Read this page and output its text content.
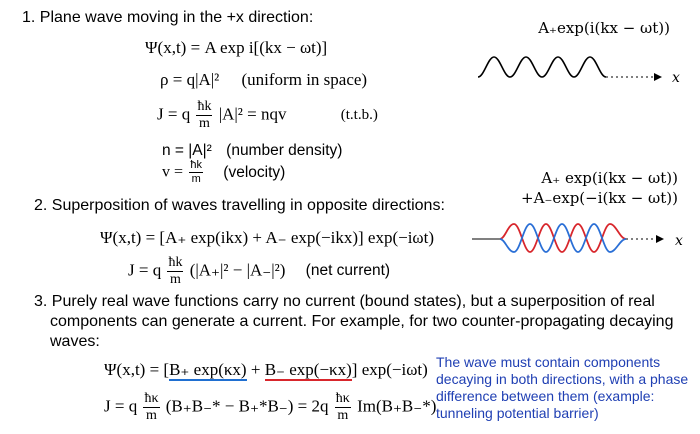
1. Plane wave moving in the +x direction:
Ψ(x,t) = A exp i[(kx − ωt)]
ρ = q|A|² (uniform in space)
J = q $\frac{ħk}{m} |A|^2$ = nqv	(t.t.b.)
n = |A|² (number density)
$v = \frac{ħk}{m}$ (velocity)
A₊exp(i(kx − ωt))
x
2. Superposition of waves travelling in opposite directions:
A₊ exp(i(kx − ωt))
+A₋exp(−i(kx − ωt))
Ψ(x,t) = [A₊ exp(ikx) + A₋ exp(−ikx)] exp(−iωt)	x
J = q $\frac{ħk}{m} (|A_+|^2 - |A_-|^2)$ (net current)
3. Purely real wave functions carry no current (bound states), but a superposition of real
components can generate a current. For example, for two counter-propagating decaying
waves:
Ψ(x,t) = [B₊ exp(κx) + B₋ exp(−κx)] exp(−iωt)
J = q $\frac{ħ\kappa}{m} (B_+B_-* - B_+*B_-) = 2q \frac{ħ\kappa}{m} Im(B_+B_-*)$
The wave must contain components decaying in both directions, with a phase difference between them (example: tunneling potential barrier)
